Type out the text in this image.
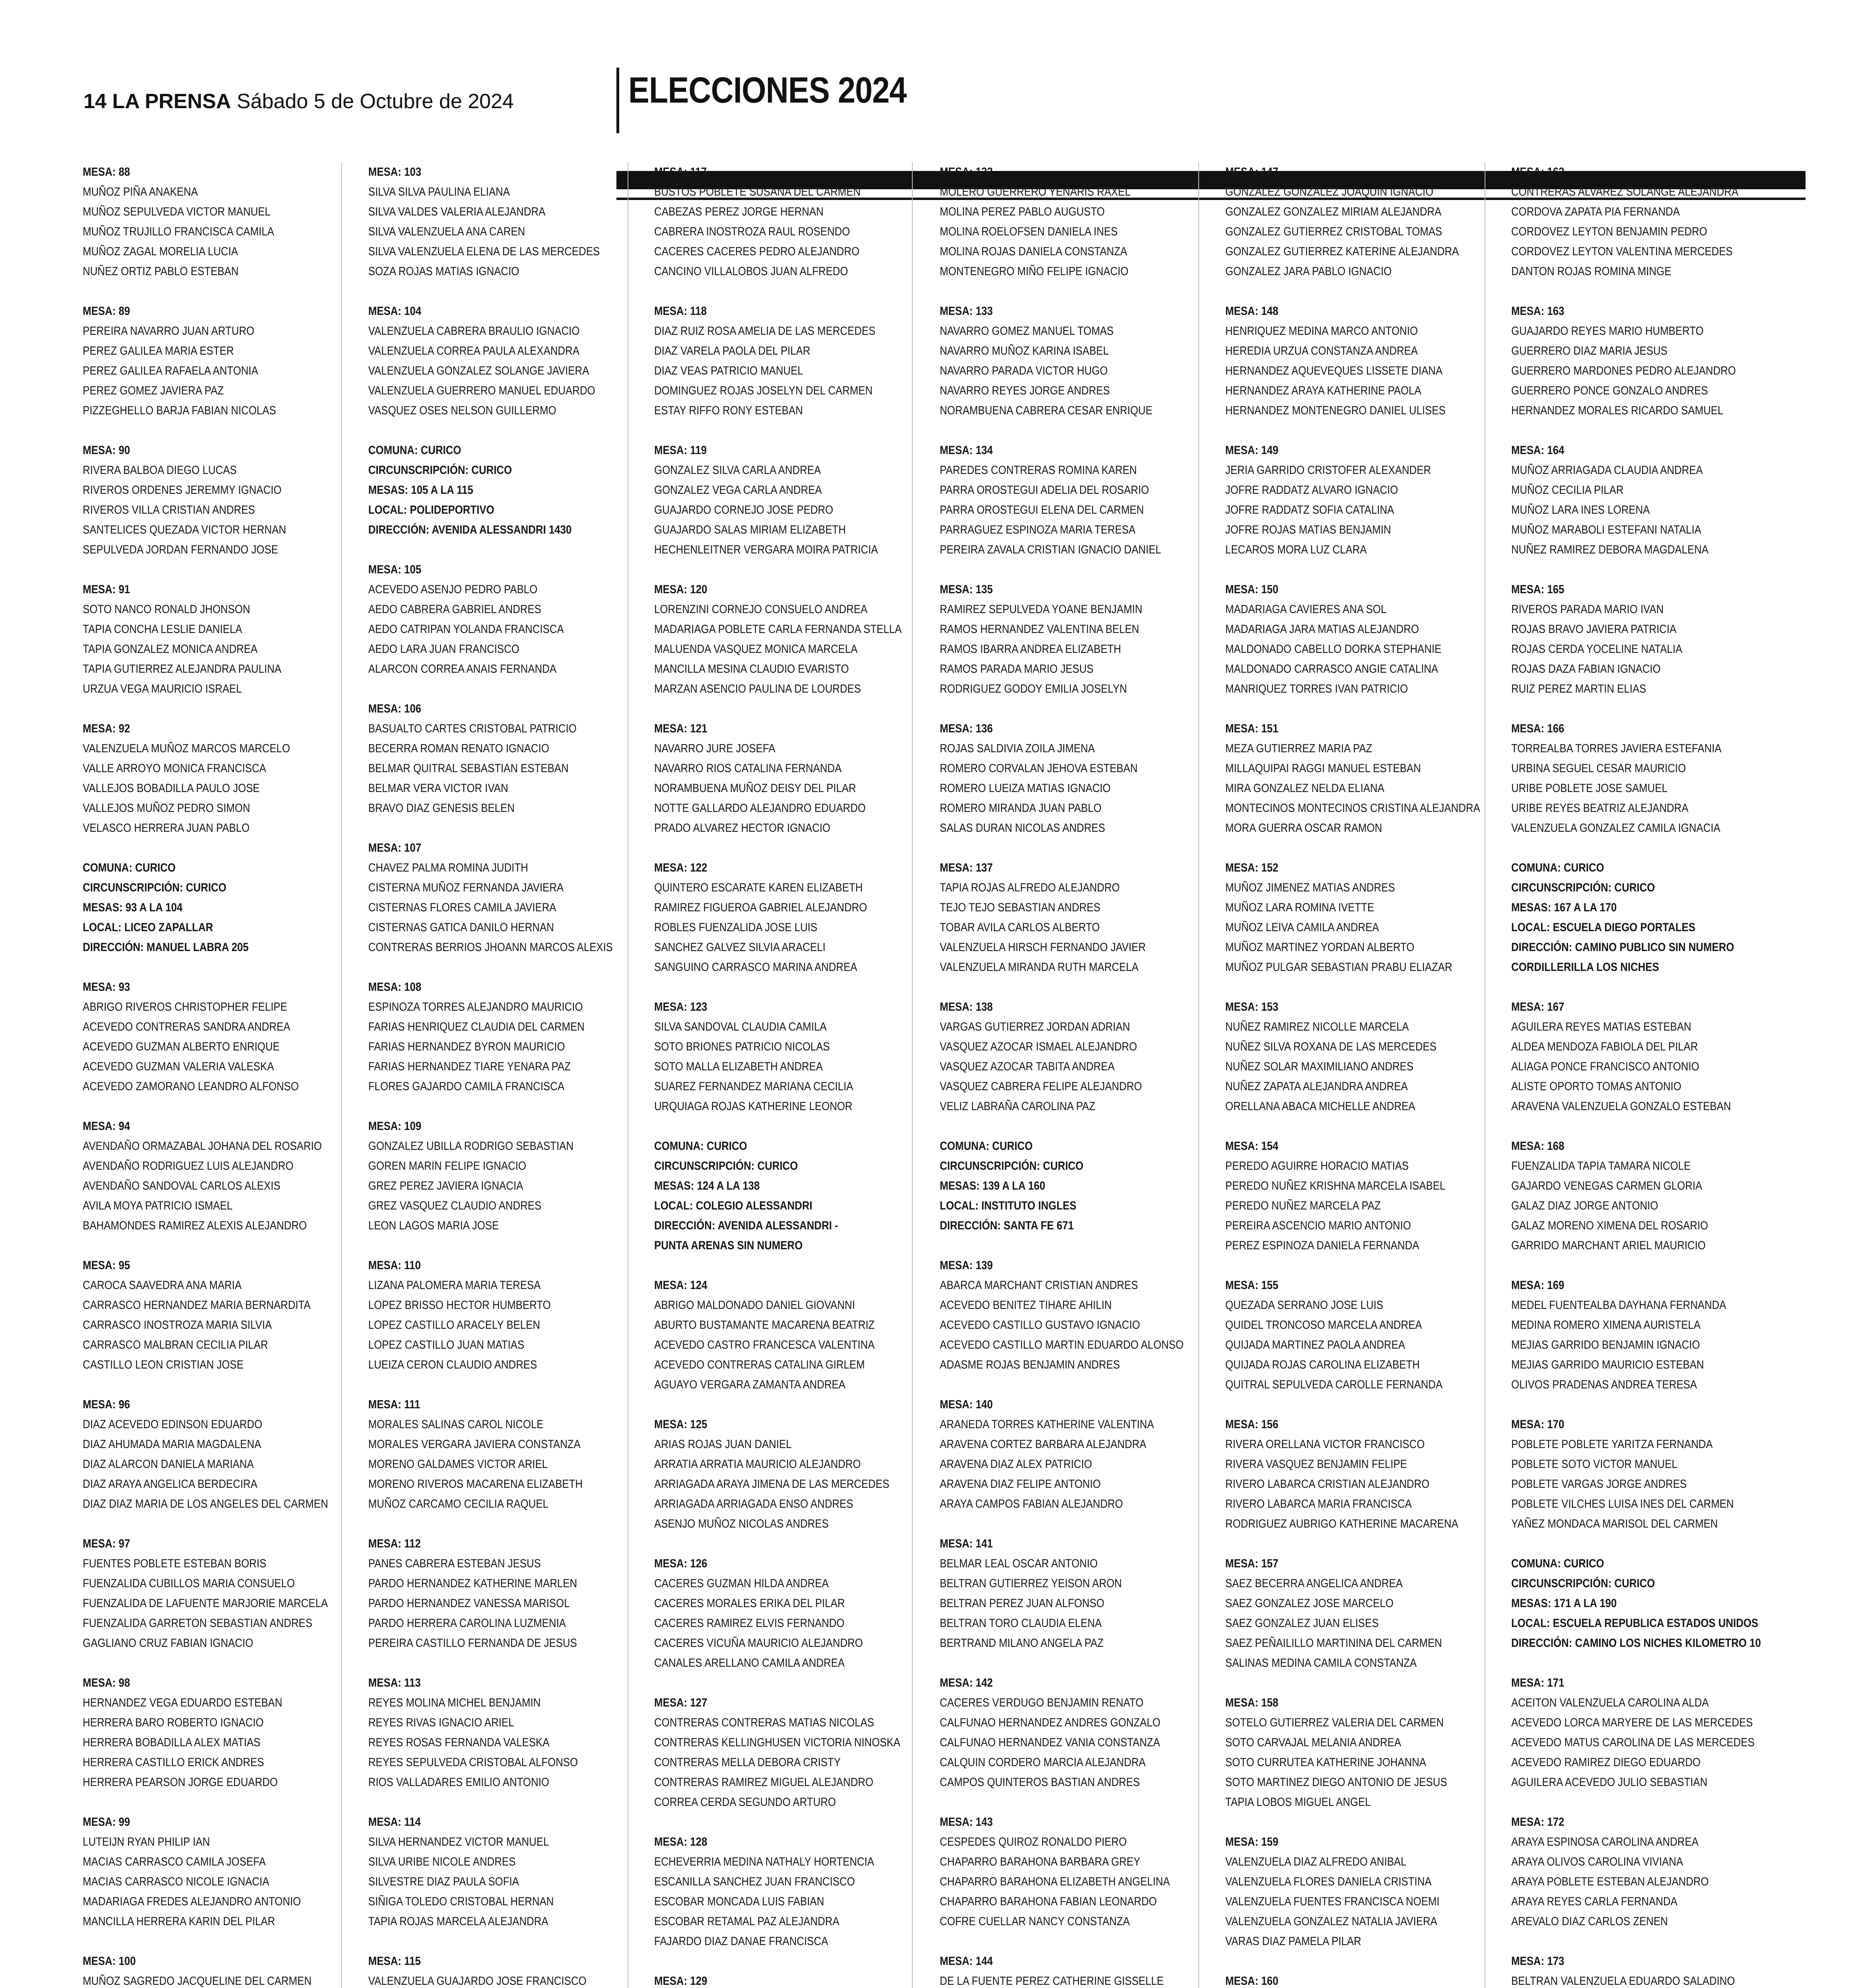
14 LA PRENSA Sábado 5 de Octubre de 2024	ELECCIONES 2024
MESA: 88
MUÑOZ PIÑA ANAKENA
MUÑOZ SEPULVEDA VICTOR MANUEL
MUÑOZ TRUJILLO FRANCISCA CAMILA
MUÑOZ ZAGAL MORELIA LUCIA
NUÑEZ ORTIZ PABLO ESTEBAN
MESA: 89
PEREIRA NAVARRO JUAN ARTURO
PEREZ GALILEA MARIA ESTER
PEREZ GALILEA RAFAELA ANTONIA
PEREZ GOMEZ JAVIERA PAZ
PIZZEGHELLO BARJA FABIAN NICOLAS
MESA: 90
RIVERA BALBOA DIEGO LUCAS
RIVEROS ORDENES JEREMMY IGNACIO
RIVEROS VILLA CRISTIAN ANDRES
SANTELICES QUEZADA VICTOR HERNAN
SEPULVEDA JORDAN FERNANDO JOSE
MESA: 91
SOTO NANCO RONALD JHONSON
TAPIA CONCHA LESLIE DANIELA
TAPIA GONZALEZ MONICA ANDREA
TAPIA GUTIERREZ ALEJANDRA PAULINA
URZUA VEGA MAURICIO ISRAEL
MESA: 92
VALENZUELA MUÑOZ MARCOS MARCELO
VALLE ARROYO MONICA FRANCISCA
VALLEJOS BOBADILLA PAULO JOSE
VALLEJOS MUÑOZ PEDRO SIMON
VELASCO HERRERA JUAN PABLO
COMUNA: CURICO
CIRCUNSCRIPCIÓN: CURICO
MESAS: 93 A LA 104
LOCAL: LICEO ZAPALLAR
DIRECCIÓN: MANUEL LABRA 205
MESA: 93
ABRIGO RIVEROS CHRISTOPHER FELIPE
ACEVEDO CONTRERAS SANDRA ANDREA
ACEVEDO GUZMAN ALBERTO ENRIQUE
ACEVEDO GUZMAN VALERIA VALESKA
ACEVEDO ZAMORANO LEANDRO ALFONSO
MESA: 94
AVENDAÑO ORMAZABAL JOHANA DEL ROSARIO
AVENDAÑO RODRIGUEZ LUIS ALEJANDRO
AVENDAÑO SANDOVAL CARLOS ALEXIS
AVILA MOYA PATRICIO ISMAEL
BAHAMONDES RAMIREZ ALEXIS ALEJANDRO
MESA: 95
CAROCA SAAVEDRA ANA MARIA
CARRASCO HERNANDEZ MARIA BERNARDITA
CARRASCO INOSTROZA MARIA SILVIA
CARRASCO MALBRAN CECILIA PILAR
CASTILLO LEON CRISTIAN JOSE
MESA: 96
DIAZ ACEVEDO EDINSON EDUARDO
DIAZ AHUMADA MARIA MAGDALENA
DIAZ ALARCON DANIELA MARIANA
DIAZ ARAYA ANGELICA BERDECIRA
DIAZ DIAZ MARIA DE LOS ANGELES DEL CARMEN
MESA: 97
FUENTES POBLETE ESTEBAN BORIS
FUENZALIDA CUBILLOS MARIA CONSUELO
FUENZALIDA DE LAFUENTE MARJORIE MARCELA
FUENZALIDA GARRETON SEBASTIAN ANDRES
GAGLIANO CRUZ FABIAN IGNACIO
MESA: 98
HERNANDEZ VEGA EDUARDO ESTEBAN
HERRERA BARO ROBERTO IGNACIO
HERRERA BOBADILLA ALEX MATIAS
HERRERA CASTILLO ERICK ANDRES
HERRERA PEARSON JORGE EDUARDO
MESA: 99
LUTEIJN RYAN PHILIP IAN
MACIAS CARRASCO CAMILA JOSEFA
MACIAS CARRASCO NICOLE IGNACIA
MADARIAGA FREDES ALEJANDRO ANTONIO
MANCILLA HERRERA KARIN DEL PILAR
MESA: 100
MUÑOZ SAGREDO JACQUELINE DEL CARMEN
MESA: 103
SILVA SILVA PAULINA ELIANA
SILVA VALDES VALERIA ALEJANDRA
SILVA VALENZUELA ANA CAREN
SILVA VALENZUELA ELENA DE LAS MERCEDES
SOZA ROJAS MATIAS IGNACIO
MESA: 104
VALENZUELA CABRERA BRAULIO IGNACIO
VALENZUELA CORREA PAULA ALEXANDRA
VALENZUELA GONZALEZ SOLANGE JAVIERA
VALENZUELA GUERRERO MANUEL EDUARDO
VASQUEZ OSES NELSON GUILLERMO
COMUNA: CURICO
CIRCUNSCRIPCIÓN: CURICO
MESAS: 105 A LA 115
LOCAL: POLIDEPORTIVO
DIRECCIÓN: AVENIDA ALESSANDRI 1430
MESA: 105
ACEVEDO ASENJO PEDRO PABLO
AEDO CABRERA GABRIEL ANDRES
AEDO CATRIPAN YOLANDA FRANCISCA
AEDO LARA JUAN FRANCISCO
ALARCON CORREA ANAIS FERNANDA
MESA: 106
BASUALTO CARTES CRISTOBAL PATRICIO
BECERRA ROMAN RENATO IGNACIO
BELMAR QUITRAL SEBASTIAN ESTEBAN
BELMAR VERA VICTOR IVAN
BRAVO DIAZ GENESIS BELEN
MESA: 107
CHAVEZ PALMA ROMINA JUDITH
CISTERNA MUÑOZ FERNANDA JAVIERA
CISTERNAS FLORES CAMILA JAVIERA
CISTERNAS GATICA DANILO HERNAN
CONTRERAS BERRIOS JHOANN MARCOS ALEXIS
MESA: 108
ESPINOZA TORRES ALEJANDRO MAURICIO
FARIAS HENRIQUEZ CLAUDIA DEL CARMEN
FARIAS HERNANDEZ BYRON MAURICIO
FARIAS HERNANDEZ TIARE YENARA PAZ
FLORES GAJARDO CAMILA FRANCISCA
MESA: 109
GONZALEZ UBILLA RODRIGO SEBASTIAN
GOREN MARIN FELIPE IGNACIO
GREZ PEREZ JAVIERA IGNACIA
GREZ VASQUEZ CLAUDIO ANDRES
LEON LAGOS MARIA JOSE
MESA: 110
LIZANA PALOMERA MARIA TERESA
LOPEZ BRISSO HECTOR HUMBERTO
LOPEZ CASTILLO ARACELY BELEN
LOPEZ CASTILLO JUAN MATIAS
LUEIZA CERON CLAUDIO ANDRES
MESA: 111
MORALES SALINAS CAROL NICOLE
MORALES VERGARA JAVIERA CONSTANZA
MORENO GALDAMES VICTOR ARIEL
MORENO RIVEROS MACARENA ELIZABETH
MUÑOZ CARCAMO CECILIA RAQUEL
MESA: 112
PANES CABRERA ESTEBAN JESUS
PARDO HERNANDEZ KATHERINE MARLEN
PARDO HERNANDEZ VANESSA MARISOL
PARDO HERRERA CAROLINA LUZMENIA
PEREIRA CASTILLO FERNANDA DE JESUS
MESA: 113
REYES MOLINA MICHEL BENJAMIN
REYES RIVAS IGNACIO ARIEL
REYES ROSAS FERNANDA VALESKA
REYES SEPULVEDA CRISTOBAL ALFONSO
RIOS VALLADARES EMILIO ANTONIO
MESA: 114
SILVA HERNANDEZ VICTOR MANUEL
SILVA URIBE NICOLE ANDRES
SILVESTRE DIAZ PAULA SOFIA
SIÑIGA TOLEDO CRISTOBAL HERNAN
TAPIA ROJAS MARCELA ALEJANDRA
MESA: 115
VALENZUELA GUAJARDO JOSE FRANCISCO
MESA: 117
BUSTOS POBLETE SUSANA DEL CARMEN
CABEZAS PEREZ JORGE HERNAN
CABRERA INOSTROZA RAUL ROSENDO
CACERES CACERES PEDRO ALEJANDRO
CANCINO VILLALOBOS JUAN ALFREDO
MESA: 118
DIAZ RUIZ ROSA AMELIA DE LAS MERCEDES
DIAZ VARELA PAOLA DEL PILAR
DIAZ VEAS PATRICIO MANUEL
DOMINGUEZ ROJAS JOSELYN DEL CARMEN
ESTAY RIFFO RONY ESTEBAN
MESA: 119
GONZALEZ SILVA CARLA ANDREA
GONZALEZ VEGA CARLA ANDREA
GUAJARDO CORNEJO JOSE PEDRO
GUAJARDO SALAS MIRIAM ELIZABETH
HECHENLEITNER VERGARA MOIRA PATRICIA
MESA: 120
LORENZINI CORNEJO CONSUELO ANDREA
MADARIAGA POBLETE CARLA FERNANDA STELLA
MALUENDA VASQUEZ MONICA MARCELA
MANCILLA MESINA CLAUDIO EVARISTO
MARZAN ASENCIO PAULINA DE LOURDES
MESA: 121
NAVARRO JURE JOSEFA
NAVARRO RIOS CATALINA FERNANDA
NORAMBUENA MUÑOZ DEISY DEL PILAR
NOTTE GALLARDO ALEJANDRO EDUARDO
PRADO ALVAREZ HECTOR IGNACIO
MESA: 122
QUINTERO ESCARATE KAREN ELIZABETH
RAMIREZ FIGUEROA GABRIEL ALEJANDRO
ROBLES FUENZALIDA JOSE LUIS
SANCHEZ GALVEZ SILVIA ARACELI
SANGUINO CARRASCO MARINA ANDREA
MESA: 123
SILVA SANDOVAL CLAUDIA CAMILA
SOTO BRIONES PATRICIO NICOLAS
SOTO MALLA ELIZABETH ANDREA
SUAREZ FERNANDEZ MARIANA CECILIA
URQUIAGA ROJAS KATHERINE LEONOR
COMUNA: CURICO
CIRCUNSCRIPCIÓN: CURICO
MESAS: 124 A LA 138
LOCAL: COLEGIO ALESSANDRI
DIRECCIÓN: AVENIDA ALESSANDRI -
PUNTA ARENAS SIN NUMERO
MESA: 124
ABRIGO MALDONADO DANIEL GIOVANNI
ABURTO BUSTAMANTE MACARENA BEATRIZ
ACEVEDO CASTRO FRANCESCA VALENTINA
ACEVEDO CONTRERAS CATALINA GIRLEM
AGUAYO VERGARA ZAMANTA ANDREA
MESA: 125
ARIAS ROJAS JUAN DANIEL
ARRATIA ARRATIA MAURICIO ALEJANDRO
ARRIAGADA ARAYA JIMENA DE LAS MERCEDES
ARRIAGADA ARRIAGADA ENSO ANDRES
ASENJO MUÑOZ NICOLAS ANDRES
MESA: 126
CACERES GUZMAN HILDA ANDREA
CACERES MORALES ERIKA DEL PILAR
CACERES RAMIREZ ELVIS FERNANDO
CACERES VICUÑA MAURICIO ALEJANDRO
CANALES ARELLANO CAMILA ANDREA
MESA: 127
CONTRERAS CONTRERAS MATIAS NICOLAS
CONTRERAS KELLINGHUSEN VICTORIA NINOSKA
CONTRERAS MELLA DEBORA CRISTY
CONTRERAS RAMIREZ MIGUEL ALEJANDRO
CORREA CERDA SEGUNDO ARTURO
MESA: 128
ECHEVERRIA MEDINA NATHALY HORTENCIA
ESCANILLA SANCHEZ JUAN FRANCISCO
ESCOBAR MONCADA LUIS FABIAN
ESCOBAR RETAMAL PAZ ALEJANDRA
FAJARDO DIAZ DANAE FRANCISCA
MESA: 129
MESA: 132
MOLERO GUERRERO YENARIS RAXEL
MOLINA PEREZ PABLO AUGUSTO
MOLINA ROELOFSEN DANIELA INES
MOLINA ROJAS DANIELA CONSTANZA
MONTENEGRO MIÑO FELIPE IGNACIO
MESA: 133
NAVARRO GOMEZ MANUEL TOMAS
NAVARRO MUÑOZ KARINA ISABEL
NAVARRO PARADA VICTOR HUGO
NAVARRO REYES JORGE ANDRES
NORAMBUENA CABRERA CESAR ENRIQUE
MESA: 134
PAREDES CONTRERAS ROMINA KAREN
PARRA OROSTEGUI ADELIA DEL ROSARIO
PARRA OROSTEGUI ELENA DEL CARMEN
PARRAGUEZ ESPINOZA MARIA TERESA
PEREIRA ZAVALA CRISTIAN IGNACIO DANIEL
MESA: 135
RAMIREZ SEPULVEDA YOANE BENJAMIN
RAMOS HERNANDEZ VALENTINA BELEN
RAMOS IBARRA ANDREA ELIZABETH
RAMOS PARADA MARIO JESUS
RODRIGUEZ GODOY EMILIA JOSELYN
MESA: 136
ROJAS SALDIVIA ZOILA JIMENA
ROMERO CORVALAN JEHOVA ESTEBAN
ROMERO LUEIZA MATIAS IGNACIO
ROMERO MIRANDA JUAN PABLO
SALAS DURAN NICOLAS ANDRES
MESA: 137
TAPIA ROJAS ALFREDO ALEJANDRO
TEJO TEJO SEBASTIAN ANDRES
TOBAR AVILA CARLOS ALBERTO
VALENZUELA HIRSCH FERNANDO JAVIER
VALENZUELA MIRANDA RUTH MARCELA
MESA: 138
VARGAS GUTIERREZ JORDAN ADRIAN
VASQUEZ AZOCAR ISMAEL ALEJANDRO
VASQUEZ AZOCAR TABITA ANDREA
VASQUEZ CABRERA FELIPE ALEJANDRO
VELIZ LABRAÑA CAROLINA PAZ
COMUNA: CURICO
CIRCUNSCRIPCIÓN: CURICO
MESAS: 139 A LA 160
LOCAL: INSTITUTO INGLES
DIRECCIÓN: SANTA FE 671
MESA: 139
ABARCA MARCHANT CRISTIAN ANDRES
ACEVEDO BENITEZ TIHARE AHILIN
ACEVEDO CASTILLO GUSTAVO IGNACIO
ACEVEDO CASTILLO MARTIN EDUARDO ALONSO
ADASME ROJAS BENJAMIN ANDRES
MESA: 140
ARANEDA TORRES KATHERINE VALENTINA
ARAVENA CORTEZ BARBARA ALEJANDRA
ARAVENA DIAZ ALEX PATRICIO
ARAVENA DIAZ FELIPE ANTONIO
ARAYA CAMPOS FABIAN ALEJANDRO
MESA: 141
BELMAR LEAL OSCAR ANTONIO
BELTRAN GUTIERREZ YEISON ARON
BELTRAN PEREZ JUAN ALFONSO
BELTRAN TORO CLAUDIA ELENA
BERTRAND MILANO ANGELA PAZ
MESA: 142
CACERES VERDUGO BENJAMIN RENATO
CALFUNAO HERNANDEZ ANDRES GONZALO
CALFUNAO HERNANDEZ VANIA CONSTANZA
CALQUIN CORDERO MARCIA ALEJANDRA
CAMPOS QUINTEROS BASTIAN ANDRES
MESA: 143
CESPEDES QUIROZ RONALDO PIERO
CHAPARRO BARAHONA BARBARA GREY
CHAPARRO BARAHONA ELIZABETH ANGELINA
CHAPARRO BARAHONA FABIAN LEONARDO
COFRE CUELLAR NANCY CONSTANZA
MESA: 144
DE LA FUENTE PEREZ CATHERINE GISSELLE
MESA: 147
GONZALEZ GONZALEZ JOAQUIN IGNACIO
GONZALEZ GONZALEZ MIRIAM ALEJANDRA
GONZALEZ GUTIERREZ CRISTOBAL TOMAS
GONZALEZ GUTIERREZ KATERINE ALEJANDRA
GONZALEZ JARA PABLO IGNACIO
MESA: 148
HENRIQUEZ MEDINA MARCO ANTONIO
HEREDIA URZUA CONSTANZA ANDREA
HERNANDEZ AQUEVEQUES LISSETE DIANA
HERNANDEZ ARAYA KATHERINE PAOLA
HERNANDEZ MONTENEGRO DANIEL ULISES
MESA: 149
JERIA GARRIDO CRISTOFER ALEXANDER
JOFRE RADDATZ ALVARO IGNACIO
JOFRE RADDATZ SOFIA CATALINA
JOFRE ROJAS MATIAS BENJAMIN
LECAROS MORA LUZ CLARA
MESA: 150
MADARIAGA CAVIERES ANA SOL
MADARIAGA JARA MATIAS ALEJANDRO
MALDONADO CABELLO DORKA STEPHANIE
MALDONADO CARRASCO ANGIE CATALINA
MANRIQUEZ TORRES IVAN PATRICIO
MESA: 151
MEZA GUTIERREZ MARIA PAZ
MILLAQUIPAI RAGGI MANUEL ESTEBAN
MIRA GONZALEZ NELDA ELIANA
MONTECINOS MONTECINOS CRISTINA ALEJANDRA
MORA GUERRA OSCAR RAMON
MESA: 152
MUÑOZ JIMENEZ MATIAS ANDRES
MUÑOZ LARA ROMINA IVETTE
MUÑOZ LEIVA CAMILA ANDREA
MUÑOZ MARTINEZ YORDAN ALBERTO
MUÑOZ PULGAR SEBASTIAN PRABU ELIAZAR
MESA: 153
NUÑEZ RAMIREZ NICOLLE MARCELA
NUÑEZ SILVA ROXANA DE LAS MERCEDES
NUÑEZ SOLAR MAXIMILIANO ANDRES
NUÑEZ ZAPATA ALEJANDRA ANDREA
ORELLANA ABACA MICHELLE ANDREA
MESA: 154
PEREDO AGUIRRE HORACIO MATIAS
PEREDO NUÑEZ KRISHNA MARCELA ISABEL
PEREDO NUÑEZ MARCELA PAZ
PEREIRA ASCENCIO MARIO ANTONIO
PEREZ ESPINOZA DANIELA FERNANDA
MESA: 155
QUEZADA SERRANO JOSE LUIS
QUIDEL TRONCOSO MARCELA ANDREA
QUIJADA MARTINEZ PAOLA ANDREA
QUIJADA ROJAS CAROLINA ELIZABETH
QUITRAL SEPULVEDA CAROLLE FERNANDA
MESA: 156
RIVERA ORELLANA VICTOR FRANCISCO
RIVERA VASQUEZ BENJAMIN FELIPE
RIVERO LABARCA CRISTIAN ALEJANDRO
RIVERO LABARCA MARIA FRANCISCA
RODRIGUEZ AUBRIGO KATHERINE MACARENA
MESA: 157
SAEZ BECERRA ANGELICA ANDREA
SAEZ GONZALEZ JOSE MARCELO
SAEZ GONZALEZ JUAN ELISES
SAEZ PEÑAILILLO MARTININA DEL CARMEN
SALINAS MEDINA CAMILA CONSTANZA
MESA: 158
SOTELO GUTIERREZ VALERIA DEL CARMEN
SOTO CARVAJAL MELANIA ANDREA
SOTO CURRUTEA KATHERINE JOHANNA
SOTO MARTINEZ DIEGO ANTONIO DE JESUS
TAPIA LOBOS MIGUEL ANGEL
MESA: 159
VALENZUELA DIAZ ALFREDO ANIBAL
VALENZUELA FLORES DANIELA CRISTINA
VALENZUELA FUENTES FRANCISCA NOEMI
VALENZUELA GONZALEZ NATALIA JAVIERA
VARAS DIAZ PAMELA PILAR
MESA: 160
MESA: 162
CONTRERAS ALVAREZ SOLANGE ALEJANDRA
CORDOVA ZAPATA PIA FERNANDA
CORDOVEZ LEYTON BENJAMIN PEDRO
CORDOVEZ LEYTON VALENTINA MERCEDES
DANTON ROJAS ROMINA MINGE
MESA: 163
GUAJARDO REYES MARIO HUMBERTO
GUERRERO DIAZ MARIA JESUS
GUERRERO MARDONES PEDRO ALEJANDRO
GUERRERO PONCE GONZALO ANDRES
HERNANDEZ MORALES RICARDO SAMUEL
MESA: 164
MUÑOZ ARRIAGADA CLAUDIA ANDREA
MUÑOZ CECILIA PILAR
MUÑOZ LARA INES LORENA
MUÑOZ MARABOLI ESTEFANI NATALIA
NUÑEZ RAMIREZ DEBORA MAGDALENA
MESA: 165
RIVEROS PARADA MARIO IVAN
ROJAS BRAVO JAVIERA PATRICIA
ROJAS CERDA YOCELINE NATALIA
ROJAS DAZA FABIAN IGNACIO
RUIZ PEREZ MARTIN ELIAS
MESA: 166
TORREALBA TORRES JAVIERA ESTEFANIA
URBINA SEGUEL CESAR MAURICIO
URIBE POBLETE JOSE SAMUEL
URIBE REYES BEATRIZ ALEJANDRA
VALENZUELA GONZALEZ CAMILA IGNACIA
COMUNA: CURICO
CIRCUNSCRIPCIÓN: CURICO
MESAS: 167 A LA 170
LOCAL: ESCUELA DIEGO PORTALES
DIRECCIÓN: CAMINO PUBLICO SIN NUMERO
CORDILLERILLA LOS NICHES
MESA: 167
AGUILERA REYES MATIAS ESTEBAN
ALDEA MENDOZA FABIOLA DEL PILAR
ALIAGA PONCE FRANCISCO ANTONIO
ALISTE OPORTO TOMAS ANTONIO
ARAVENA VALENZUELA GONZALO ESTEBAN
MESA: 168
FUENZALIDA TAPIA TAMARA NICOLE
GAJARDO VENEGAS CARMEN GLORIA
GALAZ DIAZ JORGE ANTONIO
GALAZ MORENO XIMENA DEL ROSARIO
GARRIDO MARCHANT ARIEL MAURICIO
MESA: 169
MEDEL FUENTEALBA DAYHANA FERNANDA
MEDINA ROMERO XIMENA AURISTELA
MEJIAS GARRIDO BENJAMIN IGNACIO
MEJIAS GARRIDO MAURICIO ESTEBAN
OLIVOS PRADENAS ANDREA TERESA
MESA: 170
POBLETE POBLETE YARITZA FERNANDA
POBLETE SOTO VICTOR MANUEL
POBLETE VARGAS JORGE ANDRES
POBLETE VILCHES LUISA INES DEL CARMEN
YAÑEZ MONDACA MARISOL DEL CARMEN
COMUNA: CURICO
CIRCUNSCRIPCIÓN: CURICO
MESAS: 171 A LA 190
LOCAL: ESCUELA REPUBLICA ESTADOS UNIDOS
DIRECCIÓN: CAMINO LOS NICHES KILOMETRO 10
MESA: 171
ACEITON VALENZUELA CAROLINA ALDA
ACEVEDO LORCA MARYERE DE LAS MERCEDES
ACEVEDO MATUS CAROLINA DE LAS MERCEDES
ACEVEDO RAMIREZ DIEGO EDUARDO
AGUILERA ACEVEDO JULIO SEBASTIAN
MESA: 172
ARAYA ESPINOSA CAROLINA ANDREA
ARAYA OLIVOS CAROLINA VIVIANA
ARAYA POBLETE ESTEBAN ALEJANDRO
ARAYA REYES CARLA FERNANDA
AREVALO DIAZ CARLOS ZENEN
MESA: 173
BELTRAN VALENZUELA EDUARDO SALADINO
